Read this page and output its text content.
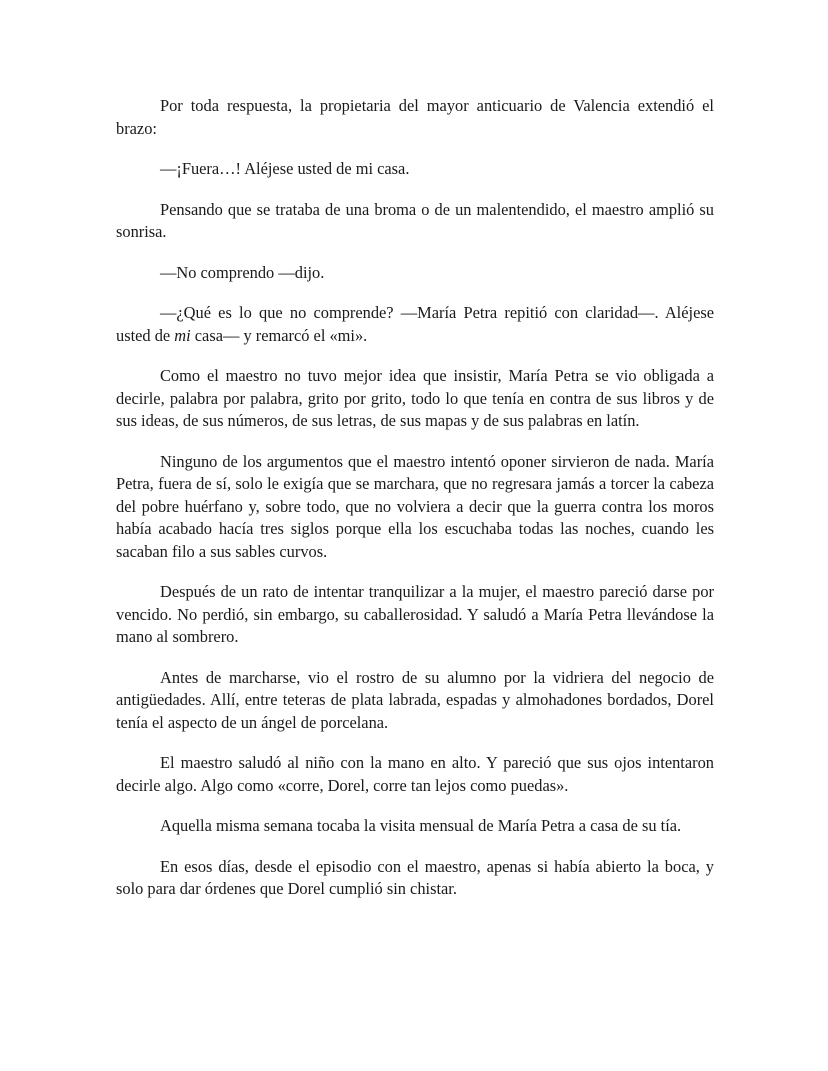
Por toda respuesta, la propietaria del mayor anticuario de Valencia extendió el brazo:

—¡Fuera…! Aléjese usted de mi casa.

Pensando que se trataba de una broma o de un malentendido, el maestro amplió su sonrisa.

—No comprendo —dijo.

—¿Qué es lo que no comprende? —María Petra repitió con claridad—. Aléjese usted de mi casa— y remarcó el «mi».

Como el maestro no tuvo mejor idea que insistir, María Petra se vio obligada a decirle, palabra por palabra, grito por grito, todo lo que tenía en contra de sus libros y de sus ideas, de sus números, de sus letras, de sus mapas y de sus palabras en latín.

Ninguno de los argumentos que el maestro intentó oponer sirvieron de nada. María Petra, fuera de sí, solo le exigía que se marchara, que no regresara jamás a torcer la cabeza del pobre huérfano y, sobre todo, que no volviera a decir que la guerra contra los moros había acabado hacía tres siglos porque ella los escuchaba todas las noches, cuando les sacaban filo a sus sables curvos.

Después de un rato de intentar tranquilizar a la mujer, el maestro pareció darse por vencido. No perdió, sin embargo, su caballerosidad. Y saludó a María Petra llevándose la mano al sombrero.

Antes de marcharse, vio el rostro de su alumno por la vidriera del negocio de antigüedades. Allí, entre teteras de plata labrada, espadas y almohadones bordados, Dorel tenía el aspecto de un ángel de porcelana.

El maestro saludó al niño con la mano en alto. Y pareció que sus ojos intentaron decirle algo. Algo como «corre, Dorel, corre tan lejos como puedas».

Aquella misma semana tocaba la visita mensual de María Petra a casa de su tía.

En esos días, desde el episodio con el maestro, apenas si había abierto la boca, y solo para dar órdenes que Dorel cumplió sin chistar.
